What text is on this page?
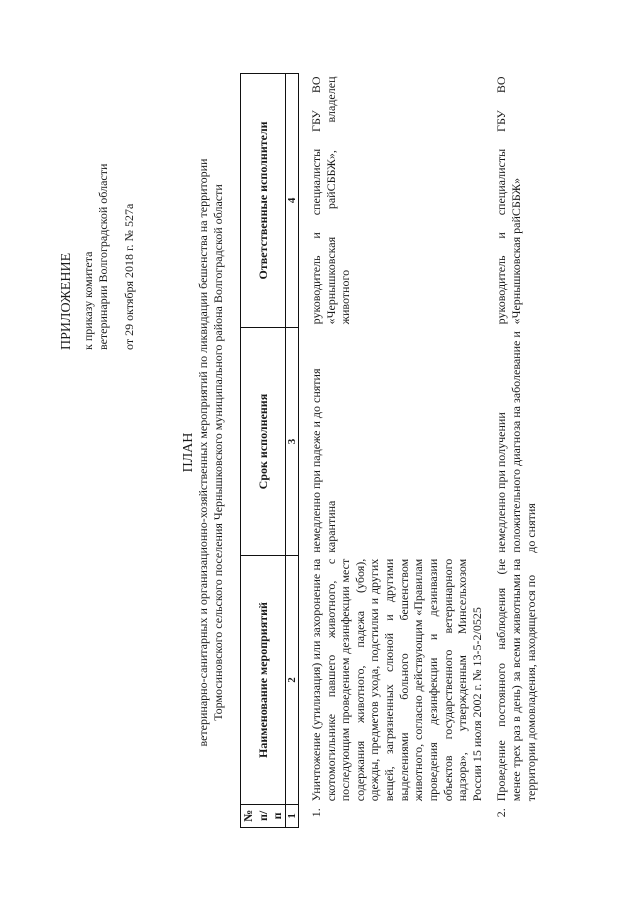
ПРИЛОЖЕНИЕ к приказу комитета ветеринарии Волгоградской области от 29 октября 2018 г. № 527а

ПЛАН ветеринарно-санитарных и организационно-хозяйственных мероприятий по ликвидации бешенства на территории
Тормосиновского сельского поселения Чернышковского муниципального района Волгоградской области

№ п/п	Наименование мероприятий	Срок исполнения	Ответственные исполнители
1	2	3	4
1.	Уничтожение (утилизация) или захоронение на скотомогильнике павшего животного, с последующим проведением дезинфекции мест содержания животного, падежа (убоя), одежды, предметов ухода, подстилки и других вещей, загрязненных слюной и другими выделениями больного бешенством животного, согласно действующим «Правилам проведения дезинфекции и дезинвазии объектов государственного ветеринарного надзора», утвержденным Минсельхозом России 15 июля 2002 г. № 13-5-2/0525	немедленно при падеже и до снятия карантина	руководитель и специалисты ГБУ ВО «Чернышковская райСББЖ», владелец животного
2.	Проведение постоянного наблюдения (не менее трех раз в день) за всеми животными на территории домовладения, находящегося по	немедленно при получении положительного диагноза на заболевание и до снятия	руководитель и специалисты ГБУ ВО «Чернышковская райСББЖ»
